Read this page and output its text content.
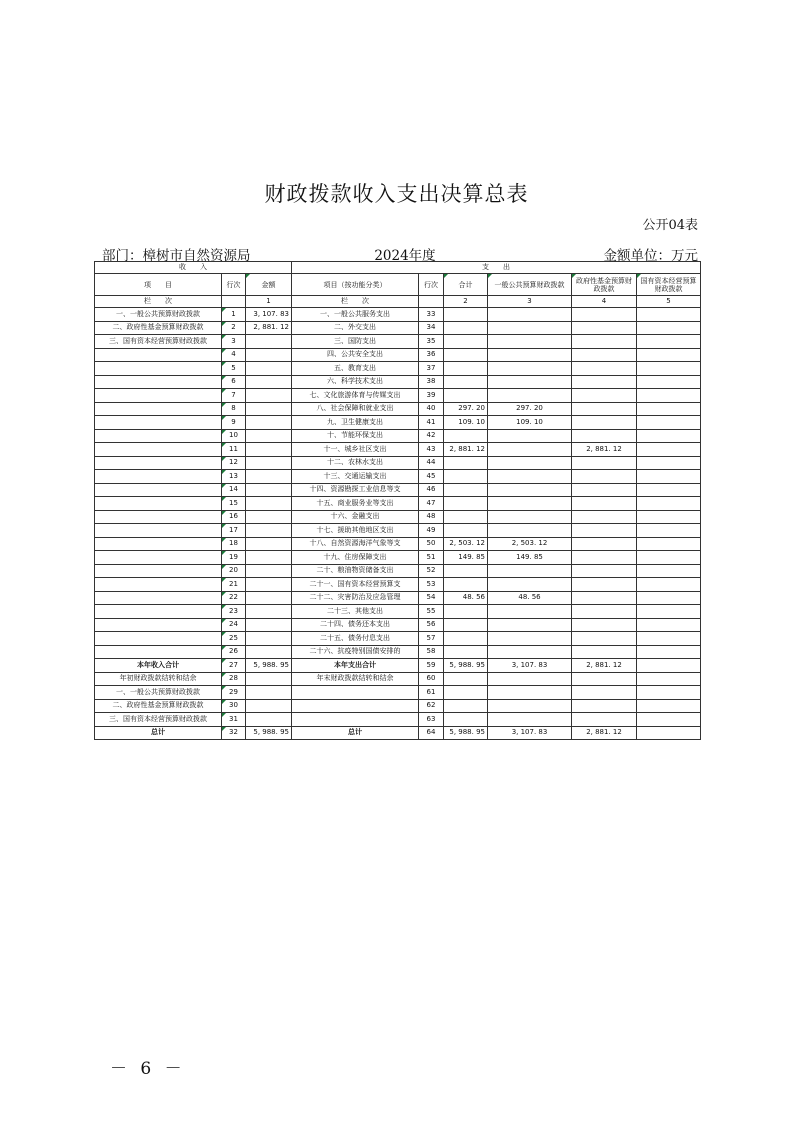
财政拨款收入支出决算总表
公开04表
部门：樟树市自然资源局	2024年度	金额单位：万元
收　　入			支　　出					
项　　目	行次	金额	项目（按功能分类）	行次	合计	一般公共预算财政拨款	政府性基金预算财政拨款	国有资本经营预算财政拨款
栏　　次		1	栏　　次		2	3	4	5
一、一般公共预算财政拨款	1	3, 107. 83	一、一般公共服务支出	33				
二、政府性基金预算财政拨款	2	2, 881. 12	二、外交支出	34				
三、国有资本经营预算财政拨款	3		三、国防支出	35				
	4		四、公共安全支出	36				
	5		五、教育支出	37				
	6		六、科学技术支出	38				
	7		七、文化旅游体育与传媒支出	39				
	8		八、社会保障和就业支出	40	297. 20	297. 20		
	9		九、卫生健康支出	41	109. 10	109. 10		
	10		十、节能环保支出	42				
	11		十一、城乡社区支出	43	2, 881. 12		2, 881. 12	
	12		十二、农林水支出	44				
	13		十三、交通运输支出	45				
	14		十四、资源勘探工业信息等支	46				
	15		十五、商业服务业等支出	47				
	16		十六、金融支出	48				
	17		十七、援助其他地区支出	49				
	18		十八、自然资源海洋气象等支	50	2, 503. 12	2, 503. 12		
	19		十九、住房保障支出	51	149. 85	149. 85		
	20		二十、粮油物资储备支出	52				
	21		二十一、国有资本经营预算支	53				
	22		二十二、灾害防治及应急管理	54	48. 56	48. 56		
	23		二十三、其他支出	55				
	24		二十四、债务还本支出	56				
	25		二十五、债务付息支出	57				
	26		二十六、抗疫特别国债安排的	58				
本年收入合计	27	5, 988. 95	本年支出合计	59	5, 988. 95	3, 107. 83	2, 881. 12	
年初财政拨款结转和结余	28		年末财政拨款结转和结余	60				
一、一般公共预算财政拨款	29			61				
二、政府性基金预算财政拨款	30			62				
三、国有资本经营预算财政拨款	31			63				
总计	32	5, 988. 95	总计	64	5, 988. 95	3, 107. 83	2, 881. 12	
－ 6 －
